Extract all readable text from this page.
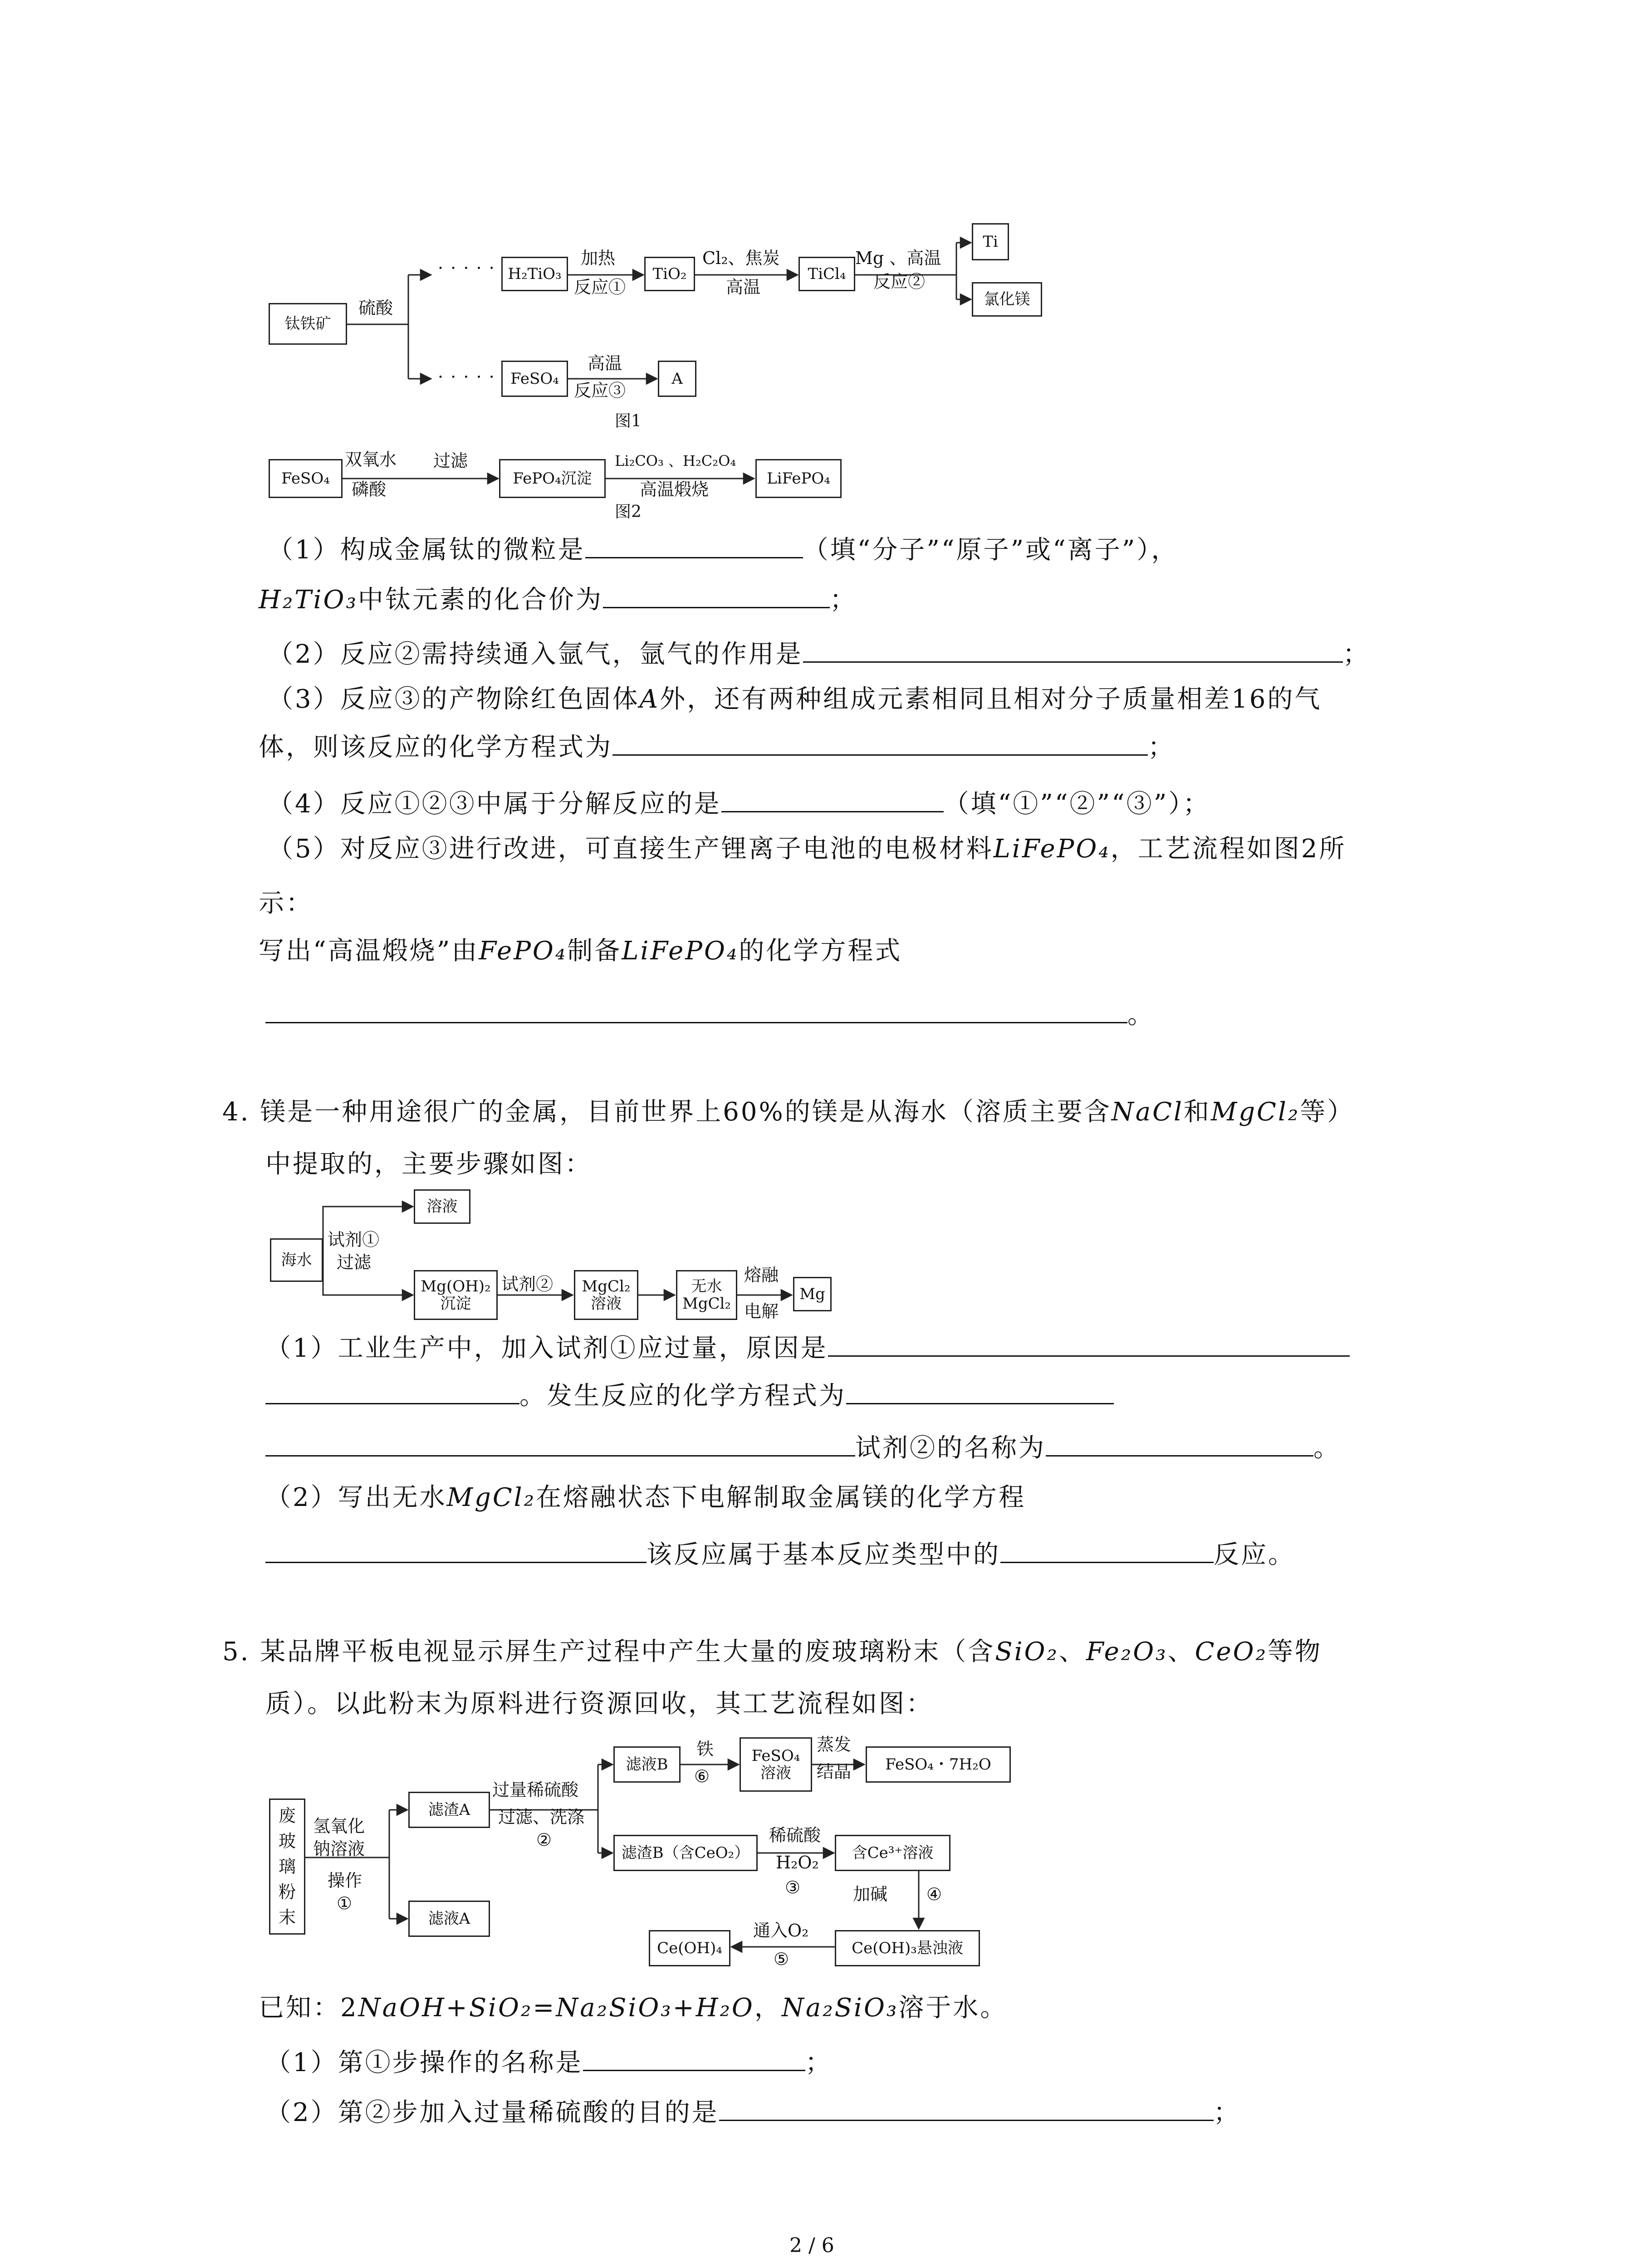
钛铁矿
硫酸
· · · · ·
· · · · ·
H₂TiO₃
加热
反应①
TiO₂
Cl₂、焦炭
高温
TiCl₄
Mg 、高温
反应②
Ti
氯化镁
FeSO₄
高温
反应③
A
图1
FeSO₄
双氧水
磷酸
过滤
FePO₄沉淀
Li₂CO₃ 、H₂C₂O₄
高温煅烧
LiFePO₄
图2
（1）构成金属钛的微粒是	（填“分子”“原子”或“离子”），
H₂TiO₃中钛元素的化合价为	；
（2）反应②需持续通入氩气，氩气的作用是	；
（3）反应③的产物除红色固体A外，还有两种组成元素相同且相对分子质量相差16的气
体，则该反应的化学方程式为	；
（4）反应①②③中属于分解反应的是	（填“①”“②”“③”）；
（5）对反应③进行改进，可直接生产锂离子电池的电极材料LiFePO₄，工艺流程如图2所
示：
写出“高温煅烧”由FePO₄制备LiFePO₄的化学方程式
。
4. 镁是一种用途很广的金属，目前世界上60%的镁是从海水（溶质主要含NaCl和MgCl₂等）
中提取的，主要步骤如图：
海水
试剂①
过滤
溶液
Mg(OH)₂
沉淀
试剂② MgCl₂
溶液
无水
MgCl₂
熔融
电解
Mg
（1）工业生产中，加入试剂①应过量，原因是
。发生反应的化学方程式为
试剂②的名称为	。
（2）写出无水MgCl₂在熔融状态下电解制取金属镁的化学方程
该反应属于基本反应类型中的	反应。
5. 某品牌平板电视显示屏生产过程中产生大量的废玻璃粉末（含SiO₂、Fe₂O₃、CeO₂等物
质）。以此粉末为原料进行资源回收，其工艺流程如图：
废
玻
璃
粉
末
氢氧化
钠溶液
操作
①
滤渣A
滤液A
过量稀硫酸
过滤、洗涤
②
滤液B
铁
⑥
FeSO₄
溶液
蒸发
结晶 FeSO₄・7H₂O
滤渣B（含CeO₂）
稀硫酸
H₂O₂
③
含Ce³⁺溶液
加碱 ④
Ce(OH)₃悬浊液
通入O₂
⑤
Ce(OH)₄
已知：2NaOH+SiO₂=Na₂SiO₃+H₂O，Na₂SiO₃溶于水。
（1）第①步操作的名称是	；
（2）第②步加入过量稀硫酸的目的是	；
2 / 6
